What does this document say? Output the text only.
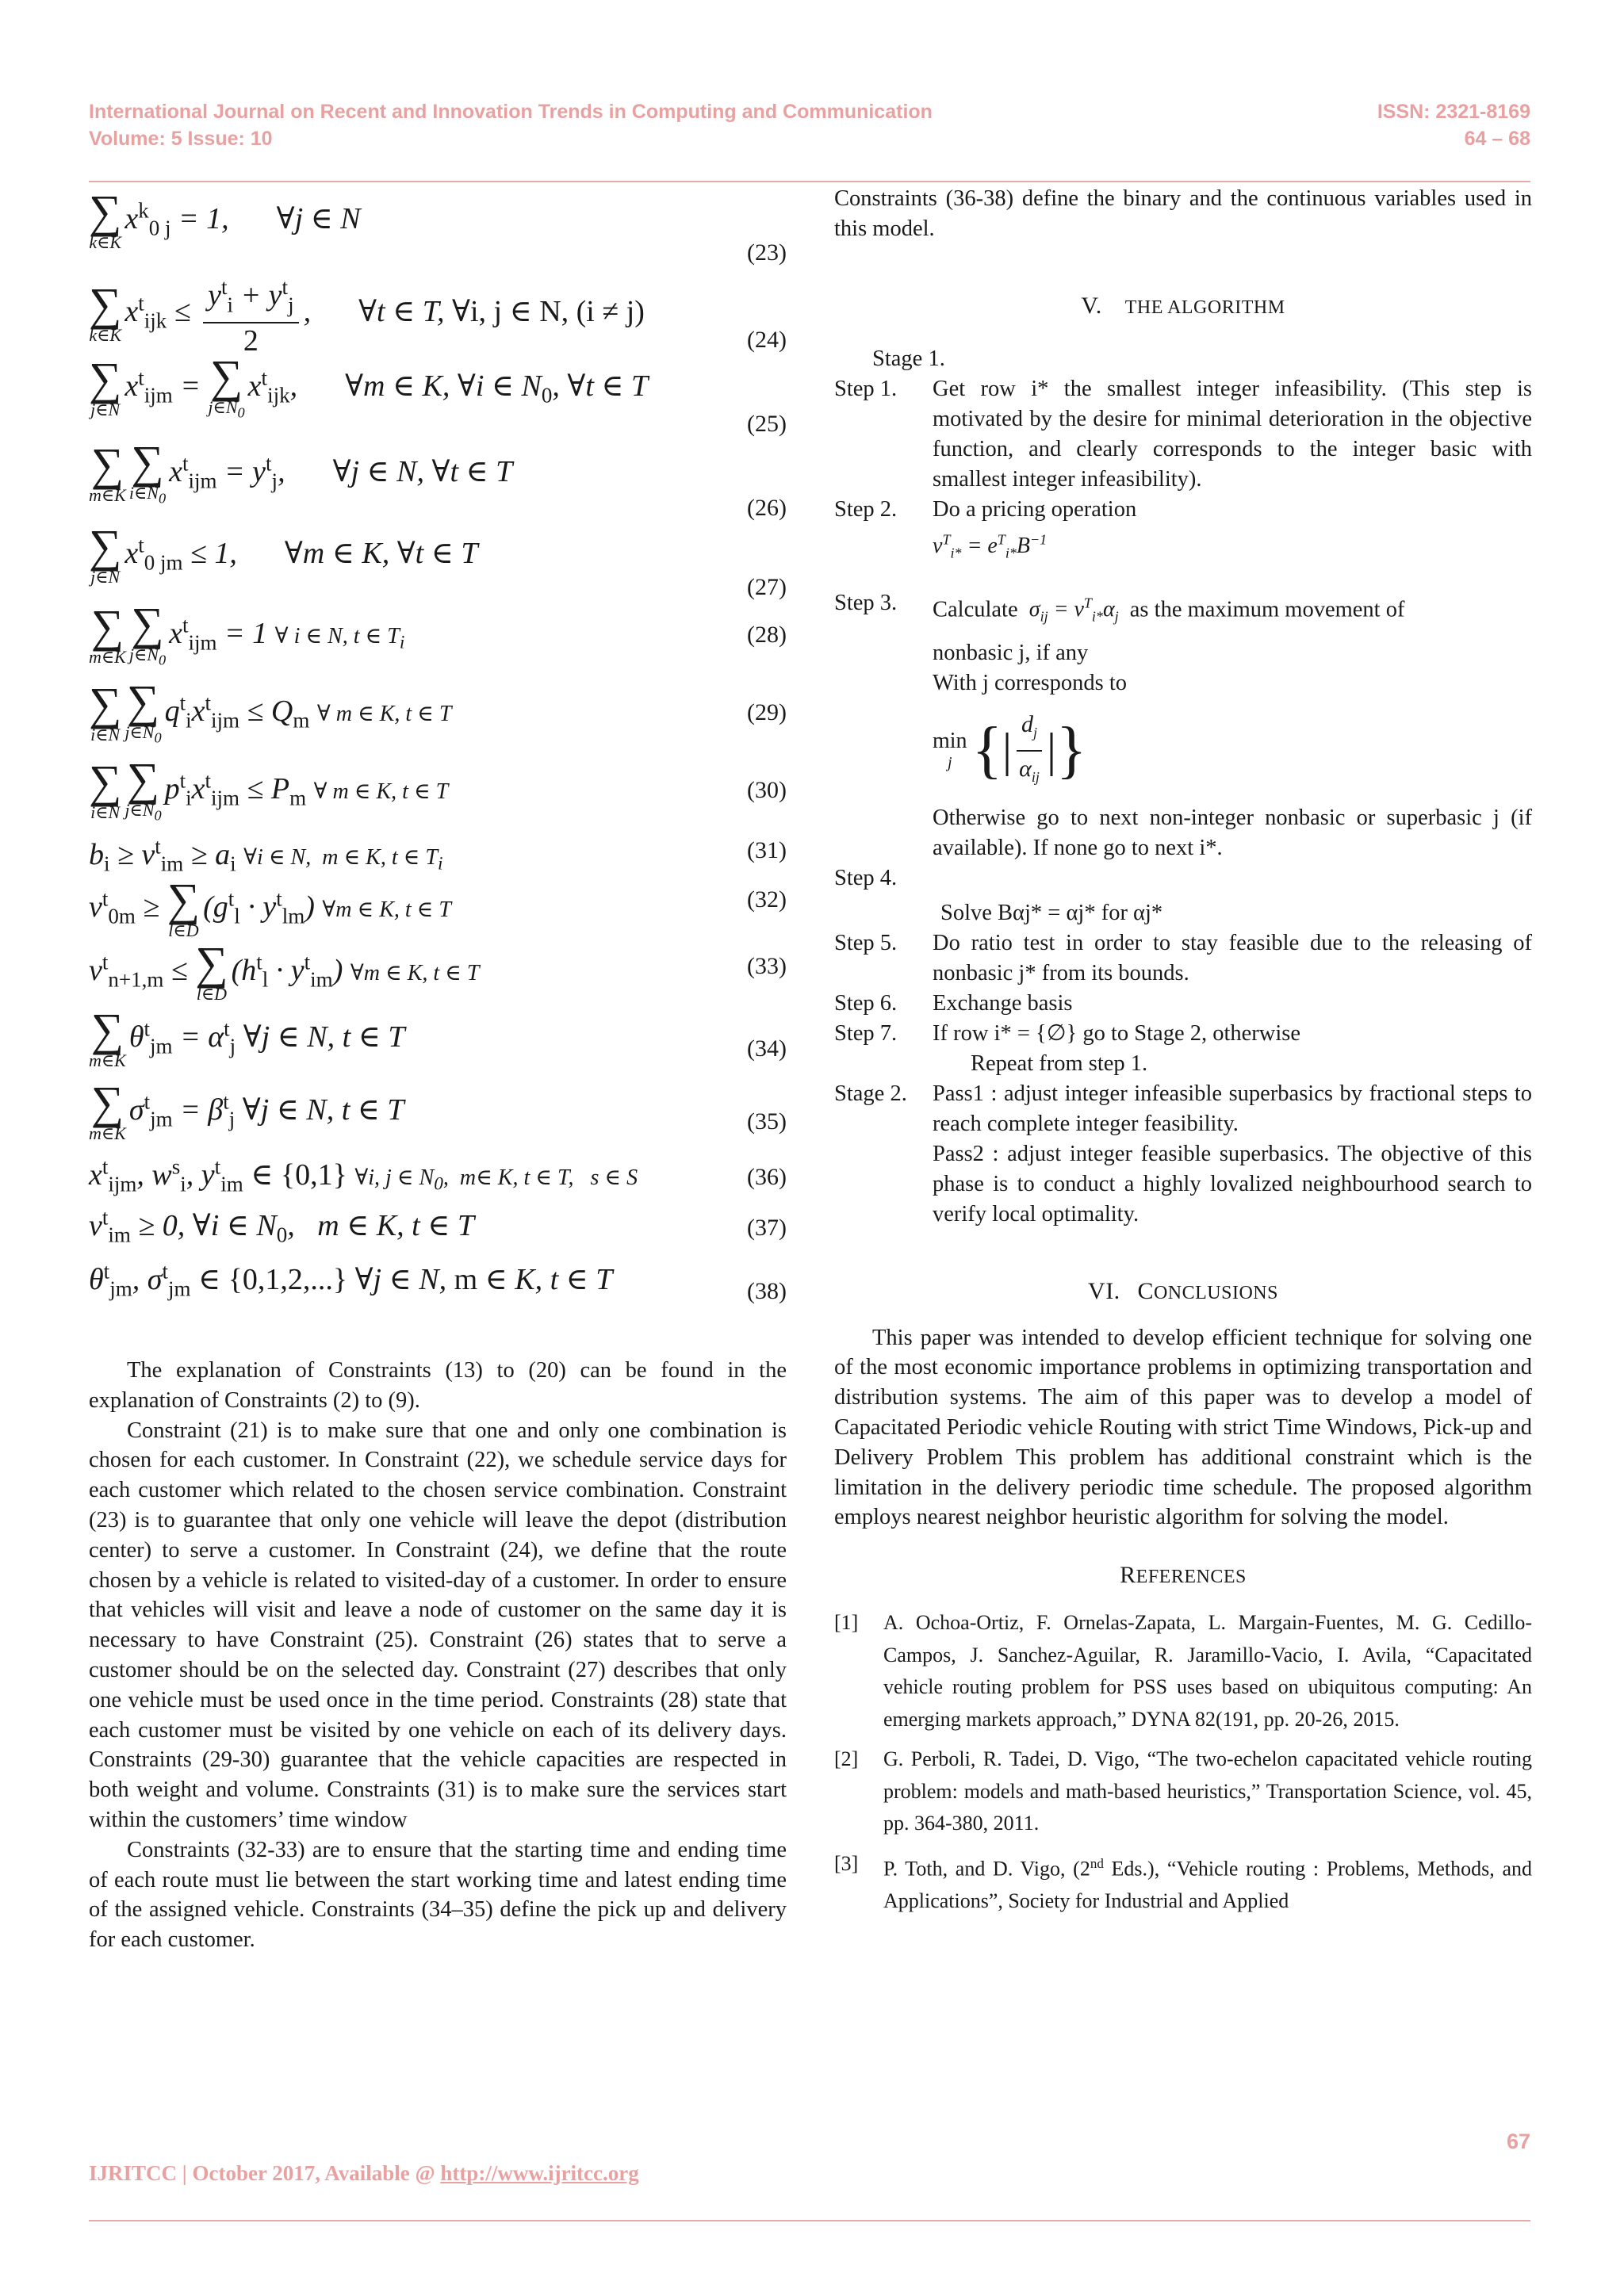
International Journal on Recent and Innovation Trends in Computing and Communication	ISSN: 2321-8169
Volume: 5 Issue: 10	64 – 68
∑
k∈K
$x^k_{0 j} = 1$, ∀j ∈ N
(23)
∑
k∈K
$x^t_{ijk} \le \frac{y^t_i + y^t_j}{2}$ , ∀t ∈ T, ∀i, j ∈ N, (i ≠ j)
(24)
∑
j∈N
$x^t_{ijm}$ = ∑
$j\in N_0$
$x^t_{ijk}$, ∀m ∈ K, ∀i ∈ $N_0$, ∀t ∈ T
(25)
∑
m∈K
∑
$i\in N_0$
$x^t_{ijm} = y^t_j$, ∀j ∈ N, ∀t ∈ T
(26)
∑
j∈N
$x^t_{0 jm} \le 1$, ∀m ∈ K, ∀t ∈ T
(27)
∑
m∈K
∑
$j\in N_0$
$x^t_{ijm} = 1$ ∀ i ∈ N, t ∈ $T_i$	(28)
∑
i∈N
∑
$j\in N_0$
$q^t_ix^t_{ijm} \le Q_m$ ∀ m ∈ K, t ∈ T	(29)
∑
i∈N
∑
$j\in N_0$
$p^t_ix^t_{ijm} \le P_m$ ∀ m ∈ K, t ∈ T	(30)
$b_i \ge v^t_{im} \ge a_i$ ∀i ∈ N,  m ∈ K, t ∈ $T_i$
(31)
$v^t_{0m}$ ≥ ∑
l∈D
$(g^t_l \cdot y^t_{lm})$ ∀m ∈ K, t ∈ T	(32)
$v^t_{n+1,m}$ ≤ ∑
l∈D
$(h^t_l \cdot y^t_{im})$ ∀m ∈ K, t ∈ T	(33)
∑
m∈K
$\theta^t_{jm} = \alpha^t_j$ ∀j ∈ N, t ∈ T	(34)
∑
m∈K
$\sigma^t_{jm} = \beta^t_j$ ∀j ∈ N, t ∈ T	(35)
$x^t_{ijm}$, $w^s_i$, $y^t_{im}$ ∈ {0,1} ∀i, j ∈ $N_0$,  m∈ K, t ∈ T,   s ∈ S	(36)
$v^t_{im} \ge 0$, ∀i ∈ $N_0$,   m ∈ K, t ∈ T	(37)
$\theta^t_{jm}$, $\sigma^t_{jm}$ ∈ {0,1,2,...} ∀j ∈ N, m ∈ K, t ∈ T	(38)

The explanation of Constraints (13) to (20) can be found in the explanation of Constraints (2) to (9).

Constraint (21) is to make sure that one and only one combination is chosen for each customer. In Constraint (22), we schedule service days for each customer which related to the chosen service combination. Constraint (23) is to guarantee that only one vehicle will leave the depot (distribution center) to serve a customer. In Constraint (24), we define that the route chosen by a vehicle is related to visited-day of a customer. In order to ensure that vehicles will visit and leave a node of customer on the same day it is necessary to have Constraint (25). Constraint (26) states that to serve a customer should be on the selected day. Constraint (27) describes that only one vehicle must be used once in the time period. Constraints (28) state that each customer must be visited by one vehicle on each of its delivery days. Constraints (29-30) guarantee that the vehicle capacities are respected in both weight and volume. Constraints (31) is to make sure the services start within the customers’ time window

Constraints (32-33) are to ensure that the starting time and ending time of each route must lie between the start working time and latest ending time of the assigned vehicle. Constraints (34–35) define the pick up and delivery for each customer.

Constraints (36-38) define the binary and the continuous variables used in this model.

V. THE ALGORITHM

Stage 1.
Step 1.	Get row i* the smallest integer infeasibility. (This step is motivated by the desire for minimal deterioration in the objective function, and clearly corresponds to the integer basic with smallest integer infeasibility).
Step 2.	Do a pricing operation
$v^T_{i*} = e^T_{i*}B^{-1}$
Step 3.	Calculate  $\sigma_{ij} = v^T_{i*}\alpha_j$ as the maximum movement of
nonbasic j, if any
With j corresponds to
min
j { | $\frac{d_j}{\alpha_{ij}}$ | }
Otherwise go to next non-integer nonbasic or superbasic j (if available). If none go to next i*.
Step 4.
Solve Bαj* = αj* for αj*
Step 5.	Do ratio test in order to stay feasible due to the releasing of nonbasic j* from its bounds.
Step 6.	Exchange basis
Step 7.	If row i* = {∅} go to Stage 2, otherwise
Repeat from step 1.
Stage 2.	Pass1 : adjust integer infeasible superbasics by fractional steps to reach complete integer feasibility.
Pass2 : adjust integer feasible superbasics. The objective of this phase is to conduct a highly lovalized neighbourhood search to verify local optimality.

VI. CONCLUSIONS

This paper was intended to develop efficient technique for solving one of the most economic importance problems in optimizing transportation and distribution systems. The aim of this paper was to develop a model of Capacitated Periodic vehicle Routing with strict Time Windows, Pick-up and Delivery Problem This problem has additional constraint which is the limitation in the delivery periodic time schedule. The proposed algorithm employs nearest neighbor heuristic algorithm for solving the model.

REFERENCES

[1]	A. Ochoa-Ortiz, F. Ornelas-Zapata, L. Margain-Fuentes, M. G. Cedillo-Campos, J. Sanchez-Aguilar, R. Jaramillo-Vacio, I. Avila, “Capacitated vehicle routing problem for PSS uses based on ubiquitous computing: An emerging markets approach,” DYNA 82(191, pp. 20-26, 2015.
[2]	G. Perboli, R. Tadei, D. Vigo, “The two-echelon capacitated vehicle routing problem: models and math-based heuristics,” Transportation Science, vol. 45, pp. 364-380, 2011.
[3]	P. Toth, and D. Vigo, (2nd Eds.), “Vehicle routing : Problems, Methods, and Applications”, Society for Industrial and Applied
67
IJRITCC | October 2017, Available @ http://www.ijritcc.org
